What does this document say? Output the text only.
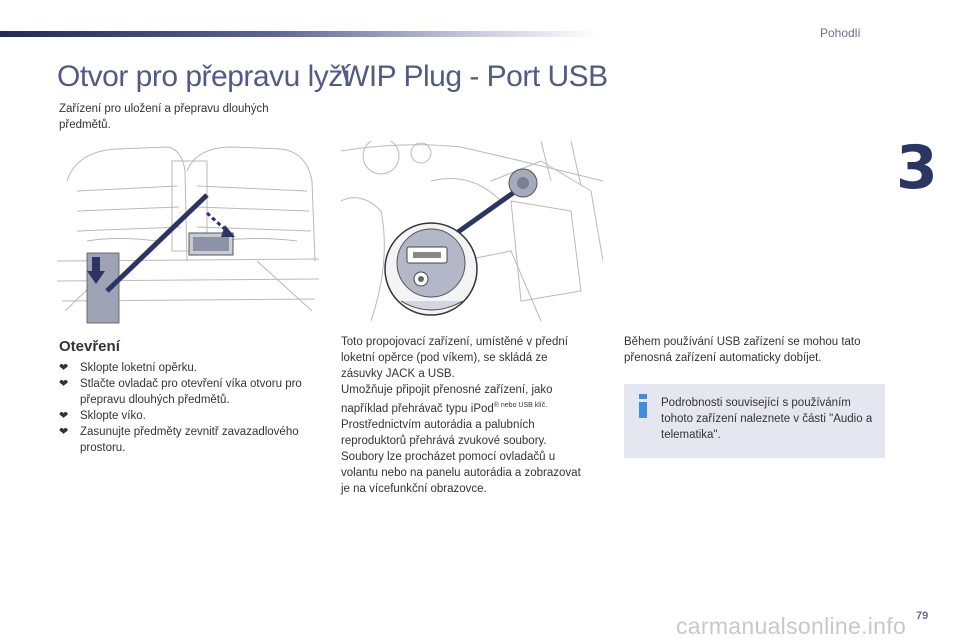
Pohodlí
3
Otvor pro přepravu lyží

Zařízení pro uložení a přepravu dlouhých předmětů.

Otevření
❤ Sklopte loketní opěrku.
❤ Stlačte ovladač pro otevření víka otvoru pro přepravu dlouhých předmětů.
❤ Sklopte víko.
❤ Zasunujte předměty zevnitř zavazadlového prostoru.
WIP Plug - Port USB

Toto propojovací zařízení, umístěné v přední
loketní opěrce (pod víkem), se skládá ze
zásuvky JACK a USB.
Umožňuje připojit přenosné zařízení, jako
například přehrávač typu iPod$^{® nebo USB klíč.}$
Prostřednictvím autorádia a palubních
reproduktorů přehrává zvukové soubory.
Soubory lze procházet pomocí ovladačů u
volantu nebo na panelu autorádia a zobrazovat
je na vícefunkční obrazovce.

Během používání USB zařízení se mohou tato přenosná zařízení automaticky dobíjet.

Podrobnosti související s používáním tohoto zařízení naleznete v části "Audio a telematika".

79
carmanualsonline.info
